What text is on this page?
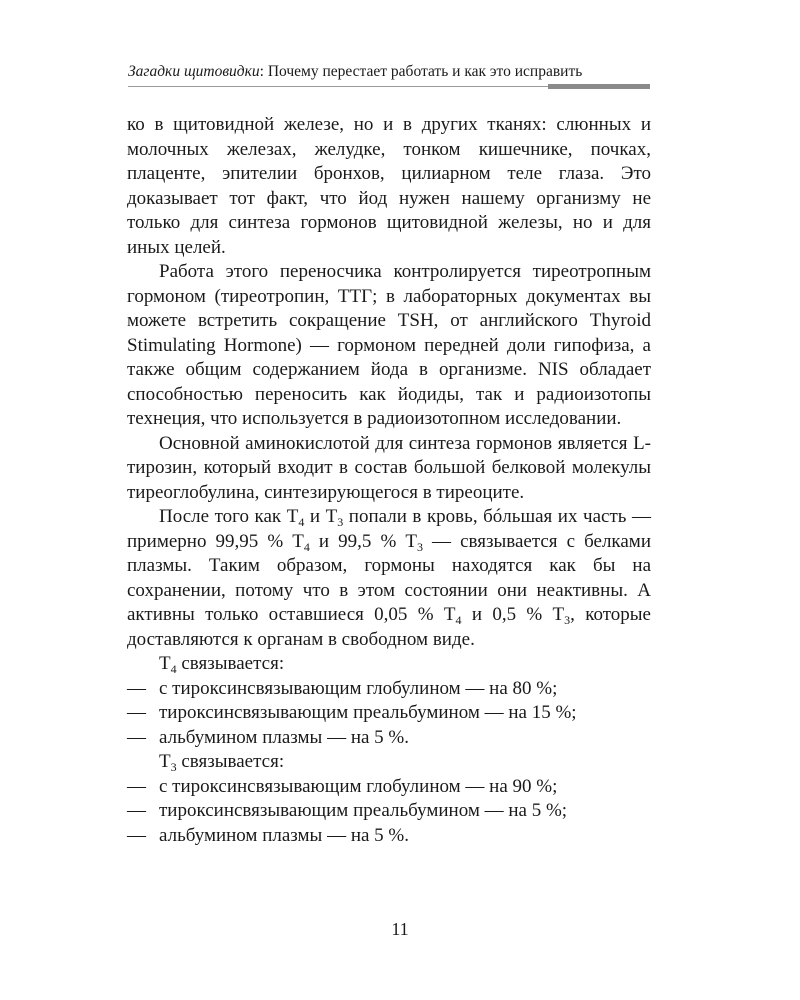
Загадки щитовидки: Почему перестает работать и как это исправить

ко в щитовидной железе, но и в других тканях: слюнных и молочных железах, желудке, тонком кишечнике, почках, плаценте, эпителии бронхов, цилиарном теле глаза. Это доказывает тот факт, что йод нужен нашему организму не только для синтеза гормонов щитовидной железы, но и для иных целей.

Работа этого переносчика контролируется тиреотропным гормоном (тиреотропин, ТТГ; в лабораторных документах вы можете встретить сокращение TSH, от английского Thyroid Stimulating Hormone) — гормоном передней доли гипофиза, а также общим содержанием йода в организме. NIS обладает способностью переносить как йодиды, так и радиоизотопы технеция, что используется в радиоизотопном исследовании.

Основной аминокислотой для синтеза гормонов является L-тирозин, который входит в состав большой белковой молекулы тиреоглобулина, синтезирующегося в тиреоците.

После того как $Т_4$ и $Т_3$ попали в кровь, бóльшая их часть — примерно 99,95 % $Т_4$ и 99,5 % $Т_3$ — связывается с белками плазмы. Таким образом, гормоны находятся как бы на сохранении, потому что в этом состоянии они неактивны. А активны только оставшиеся 0,05 % $Т_4$ и 0,5 % $Т_3$, которые доставляются к органам в свободном виде.

$Т_4$ связывается:
— с тироксинсвязывающим глобулином — на 80 %;
— тироксинсвязывающим преальбумином — на 15 %;
— альбумином плазмы — на 5 %.
$Т_3$ связывается:
— с тироксинсвязывающим глобулином — на 90 %;
— тироксинсвязывающим преальбумином — на 5 %;
— альбумином плазмы — на 5 %.
11
